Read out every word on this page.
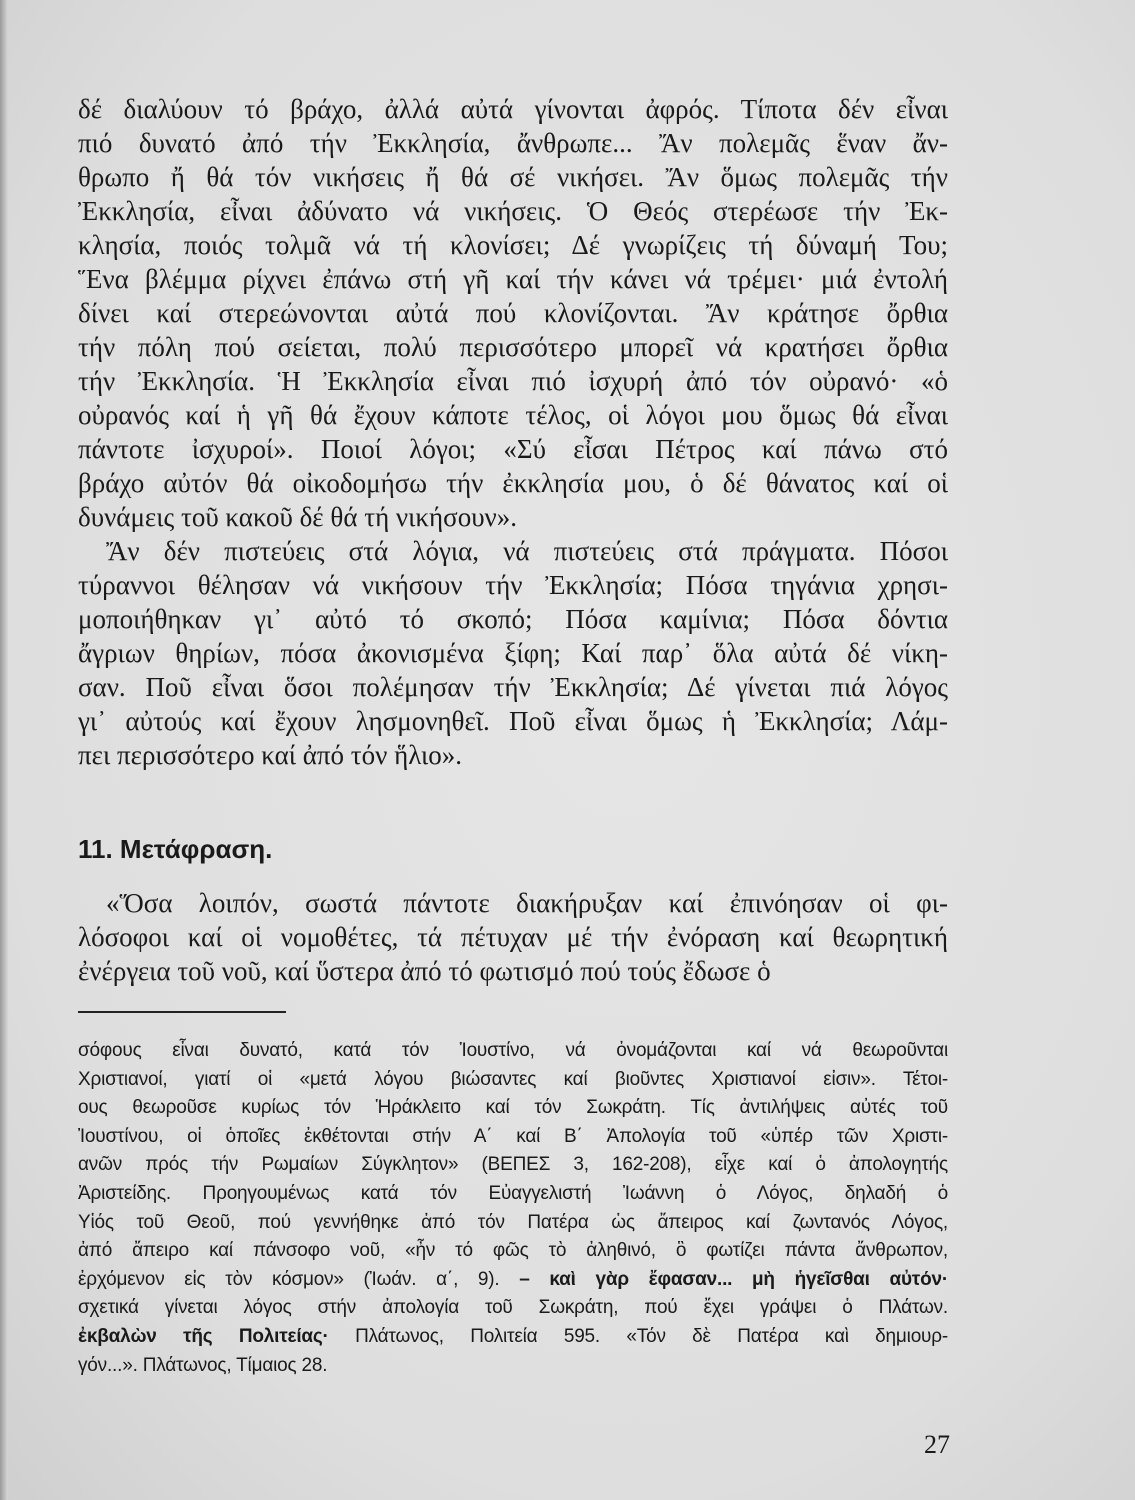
δέ διαλύουν τό βράχο, ἀλλά αὐτά γίνονται ἀφρός. Τίποτα δέν εἶναι
πιό δυνατό ἀπό τήν Ἐκκλησία, ἄνθρωπε... Ἄν πολεμᾶς ἕναν ἄν-
θρωπο ἤ θά τόν νικήσεις ἤ θά σέ νικήσει. Ἄν ὅμως πολεμᾶς τήν
Ἐκκλησία, εἶναι ἀδύνατο νά νικήσεις. Ὁ Θεός στερέωσε τήν Ἐκ-
κλησία, ποιός τολμᾶ νά τή κλονίσει; Δέ γνωρίζεις τή δύναμή Του;
Ἕνα βλέμμα ρίχνει ἐπάνω στή γῆ καί τήν κάνει νά τρέμει· μιά ἐντολή
δίνει καί στερεώνονται αὐτά πού κλονίζονται. Ἄν κράτησε ὄρθια
τήν πόλη πού σείεται, πολύ περισσότερο μπορεῖ νά κρατήσει ὄρθια
τήν Ἐκκλησία. Ἡ Ἐκκλησία εἶναι πιό ἰσχυρή ἀπό τόν οὐρανό· «ὁ
οὐρανός καί ἡ γῆ θά ἔχουν κάποτε τέλος, οἱ λόγοι μου ὅμως θά εἶναι
πάντοτε ἰσχυροί». Ποιοί λόγοι; «Σύ εἶσαι Πέτρος καί πάνω στό
βράχο αὐτόν θά οἰκοδομήσω τήν ἐκκλησία μου, ὁ δέ θάνατος καί οἱ
δυνάμεις τοῦ κακοῦ δέ θά τή νικήσουν».
Ἄν δέν πιστεύεις στά λόγια, νά πιστεύεις στά πράγματα. Πόσοι
τύραννοι θέλησαν νά νικήσουν τήν Ἐκκλησία; Πόσα τηγάνια χρησι-
μοποιήθηκαν γι᾽ αὐτό τό σκοπό; Πόσα καμίνια; Πόσα δόντια
ἄγριων θηρίων, πόσα ἀκονισμένα ξίφη; Καί παρ᾽ ὅλα αὐτά δέ νίκη-
σαν. Ποῦ εἶναι ὅσοι πολέμησαν τήν Ἐκκλησία; Δέ γίνεται πιά λόγος
γι᾽ αὐτούς καί ἔχουν λησμονηθεῖ. Ποῦ εἶναι ὅμως ἡ Ἐκκλησία; Λάμ-
πει περισσότερο καί ἀπό τόν ἥλιο».
11. Μετάφραση.
«Ὅσα λοιπόν, σωστά πάντοτε διακήρυξαν καί ἐπινόησαν οἱ φι-
λόσοφοι καί οἱ νομοθέτες, τά πέτυχαν μέ τήν ἐνόραση καί θεωρητική
ἐνέργεια τοῦ νοῦ, καί ὕστερα ἀπό τό φωτισμό πού τούς ἔδωσε ὁ
σόφους εἶναι δυνατό, κατά τόν Ἰουστίνο, νά ὀνομάζονται καί νά θεωροῦνται
Χριστιανοί, γιατί οἱ «μετά λόγου βιώσαντες καί βιοῦντες Χριστιανοί εἰσιν». Τέτοι-
ους θεωροῦσε κυρίως τόν Ἡράκλειτο καί τόν Σωκράτη. Τίς ἀντιλήψεις αὐτές τοῦ
Ἰουστίνου, οἱ ὁποῖες ἐκθέτονται στήν Α΄ καί Β΄ Ἀπολογία τοῦ «ὑπέρ τῶν Χριστι-
ανῶν πρός τήν Ρωμαίων Σύγκλητον» (ΒΕΠΕΣ 3, 162-208), εἶχε καί ὁ ἀπολογητής
Ἀριστείδης. Προηγουμένως κατά τόν Εὐαγγελιστή Ἰωάννη ὁ Λόγος, δηλαδή ὁ
Υἱός τοῦ Θεοῦ, πού γεννήθηκε ἀπό τόν Πατέρα ὡς ἄπειρος καί ζωντανός Λόγος,
ἀπό ἄπειρο καί πάνσοφο νοῦ, «ἦν τό φῶς τὸ ἀληθινό, ὃ φωτίζει πάντα ἄνθρωπον,
ἐρχόμενον εἰς τὸν κόσμον» (Ἰωάν. α΄, 9). – καὶ γὰρ ἔφασαν... μὴ ἡγεῖσθαι αὐτόν·
σχετικά γίνεται λόγος στήν ἀπολογία τοῦ Σωκράτη, πού ἔχει γράψει ὁ Πλάτων.
ἐκβαλὼν τῆς Πολιτείας· Πλάτωνος, Πολιτεία 595. «Τόν δὲ Πατέρα καὶ δημιουρ-
γόν...». Πλάτωνος, Τίμαιος 28.
27
